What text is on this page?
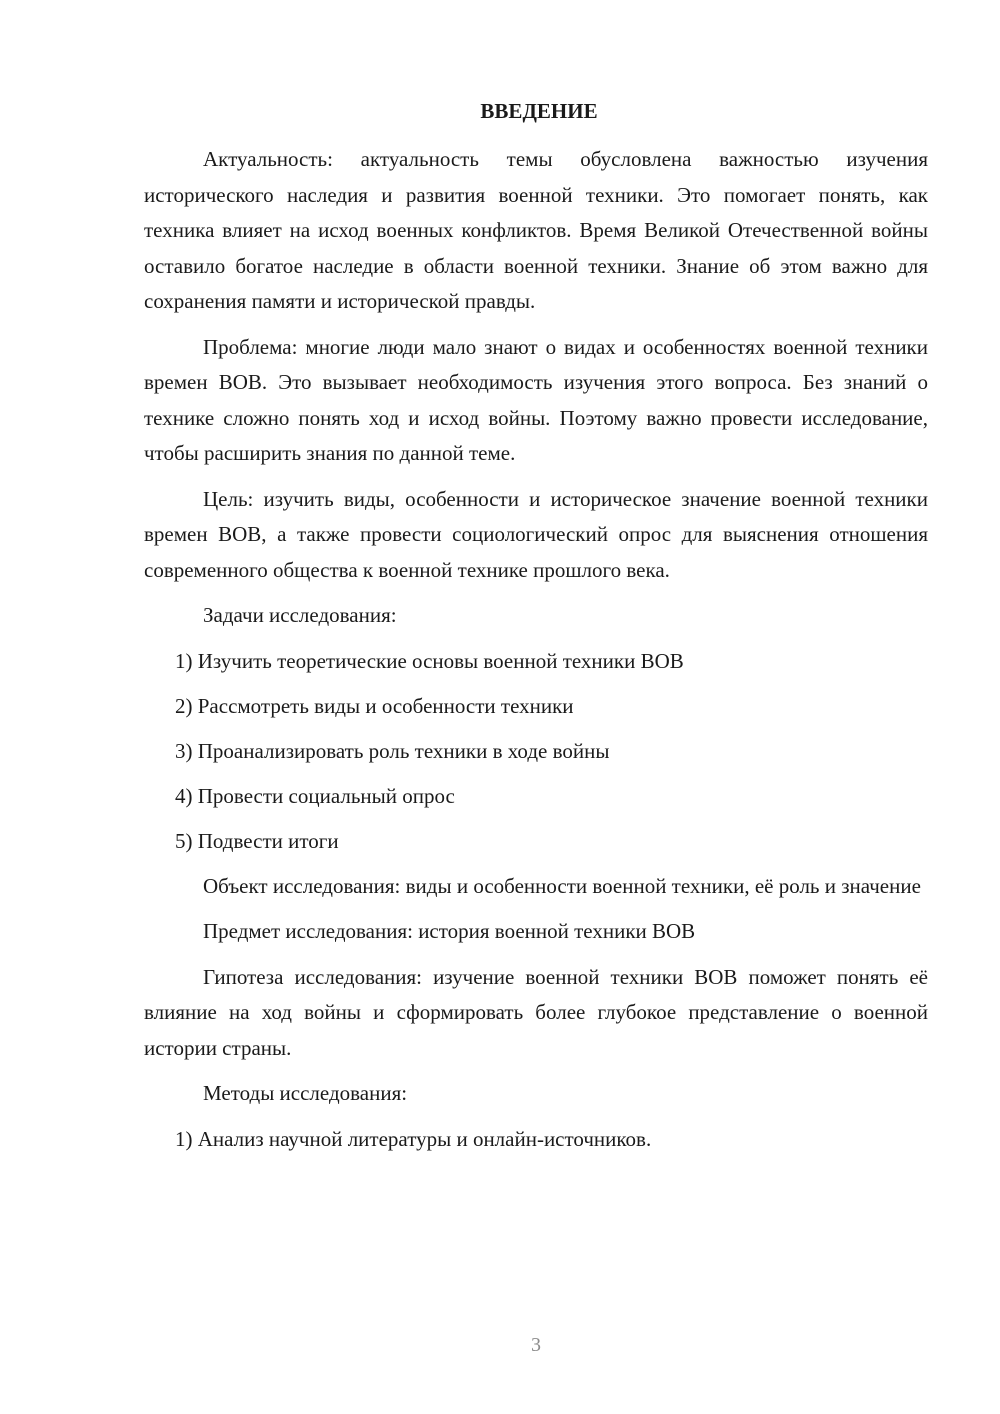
ВВЕДЕНИЕ

Актуальность: актуальность темы обусловлена важностью изучения исторического наследия и развития военной техники. Это помогает понять, как техника влияет на исход военных конфликтов. Время Великой Отечественной войны оставило богатое наследие в области военной техники. Знание об этом важно для сохранения памяти и исторической правды.

Проблема: многие люди мало знают о видах и особенностях военной техники времен ВОВ. Это вызывает необходимость изучения этого вопроса. Без знаний о технике сложно понять ход и исход войны. Поэтому важно провести исследование, чтобы расширить знания по данной теме.

Цель: изучить виды, особенности и историческое значение военной техники времен ВОВ, а также провести социологический опрос для выяснения отношения современного общества к военной технике прошлого века.

Задачи исследования:
1) Изучить теоретические основы военной техники ВОВ
2) Рассмотреть виды и особенности техники
3) Проанализировать роль техники в ходе войны
4) Провести социальный опрос
5) Подвести итоги

Объект исследования: виды и особенности военной техники, её роль и значение

Предмет исследования: история военной техники ВОВ

Гипотеза исследования: изучение военной техники ВОВ поможет понять её влияние на ход войны и сформировать более глубокое представление о военной истории страны.

Методы исследования:
1) Анализ научной литературы и онлайн-источников.
3
